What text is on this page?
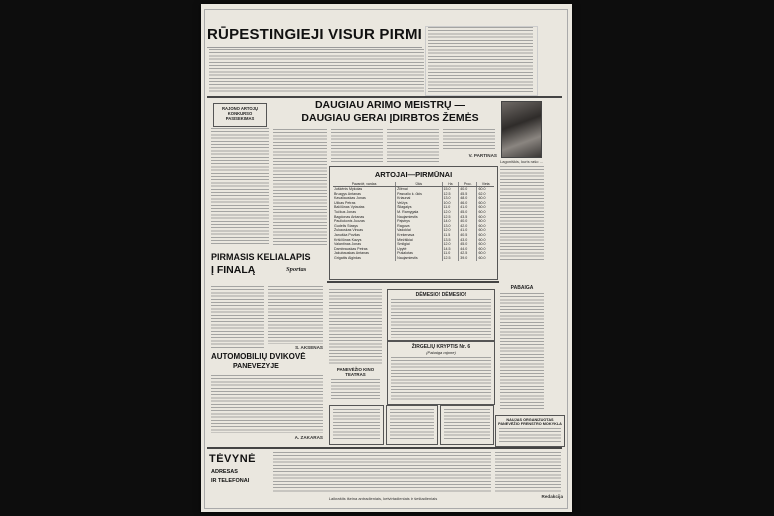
RŪPESTINGIEJI VISUR PIRMI
RAJONO ARTOJŲ
KONKURSO
PASISEKIMAS
DAUGIAU ARIMO MEISTRŲ —
DAUGIAU GERAI ĮDIRBTOS ŽEMĖS
V. PARTINAS
Lagoniškis, kuris rašo ...
ARTOJAI—PIRMŪNAI
Pavardė, vardas	Ūkis	Ha	Proc.	Vieta
Juškėnis Mykolas	Žilėnai	15.0	40.0	60.0
Bruzgys Antanas	Pasvalio k. ūkis	12.5	45.5	62.0
Kavaliauskas Jonas	Kriaunai	13.0	48.0	60.0
Užkas Petras	Velžys	10.0	46.0	60.0
Balčiūnas Vytautas	Šilagalys	11.0	41.0	60.0
Tučkus Jonas	M. Ramygala	12.0	45.0	60.0
Bagdonas Antanas	Naujamiestis	12.5	43.5	60.0
Pauliukonis Juozas	Paįstrys	14.0	40.0	60.0
Gudelis Stasys	Raguva	13.0	42.0	60.0
Žukauskas Vincas	Vadoklai	12.0	41.0	60.0
Januška Povilas	Krekenava	11.5	40.5	60.0
Kriščiūnas Kazys	Miežiškiai	13.5	43.0	60.0
Valantinas Jonas	Smilgiai	12.0	45.0	60.0
Dambrauskas Petras	Upytė	14.5	44.0	60.0
Jakubauskas Antanas	Pušalotas	11.0	42.5	60.0
Grigaitis Algirdas	Naujamiestis	12.5	39.0	60.0
PIRMASIS KELIALAPIS
Į FINALĄ	Sportas
S. AKSENAS
AUTOMOBILIŲ DVIKOVĖ
PANEVĖŽYJE
A. ZAKARAS
PANEVĖŽIO KINO
TEATRAS
DĖMESIO! DĖMESIO!
ŽIRGELIŲ KRYPTIS Nr. 6
(Pabaiga rajone)
PABAIGA
NAUJAS ORGANIZUOTAS
PANEVĖŽIO FRENSTRO MOKYKLA
TĖVYNĖ
ADRESAS
IR TELEFONAI
Redakcija
Laikraštis išeina antradieniais, ketvirtadieniais ir šeštadieniais
